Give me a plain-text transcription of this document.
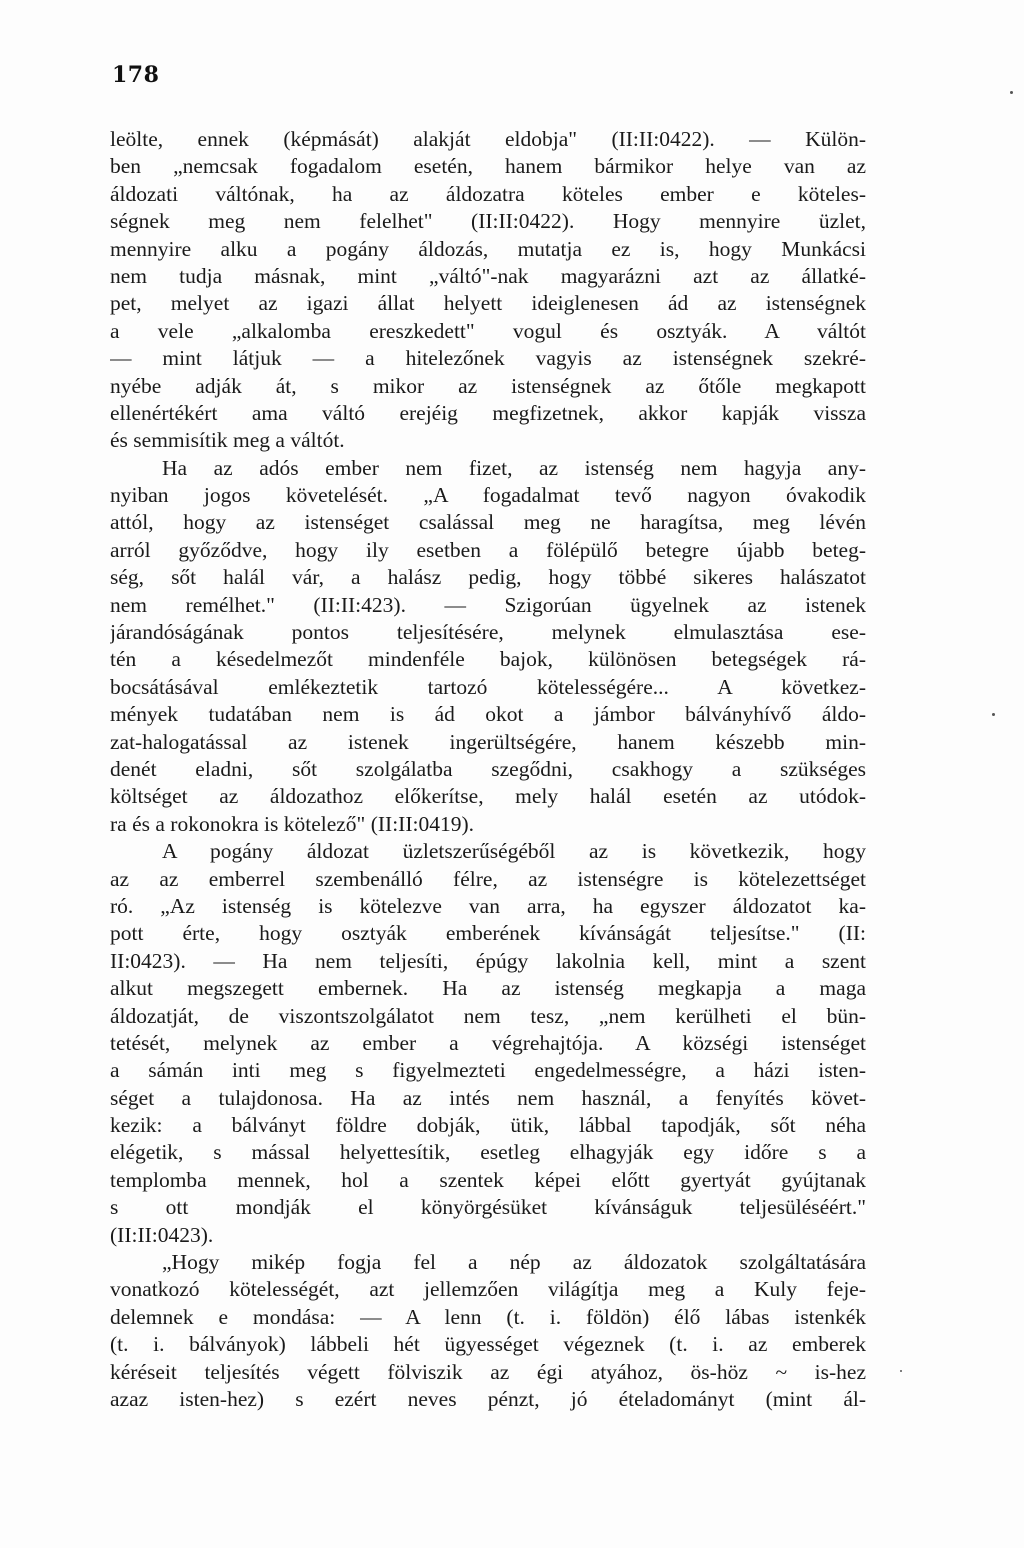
178
leölte, ennek (képmását) alakját eldobja" (II:II:0422). — Külön-
ben „nemcsak fogadalom esetén, hanem bármikor helye van az
áldozati váltónak, ha az áldozatra köteles ember e köteles-
ségnek meg nem felelhet" (II:II:0422). Hogy mennyire üzlet,
mennyire alku a pogány áldozás, mutatja ez is, hogy Munkácsi
nem tudja másnak, mint „váltó"-nak magyarázni azt az állatké-
pet, melyet az igazi állat helyett ideiglenesen ád az istenségnek
a vele „alkalomba ereszkedett" vogul és osztyák. A váltót
— mint látjuk — a hitelezőnek vagyis az istenségnek szekré-
nyébe adják át, s mikor az istenségnek az őtőle megkapott
ellenértékért ama váltó erejéig megfizetnek, akkor kapják vissza
és semmisítik meg a váltót.
Ha az adós ember nem fizet, az istenség nem hagyja any-
nyiban jogos követelését. „A fogadalmat tevő nagyon óvakodik
attól, hogy az istenséget csalással meg ne haragítsa, meg lévén
arról győződve, hogy ily esetben a fölépülő betegre újabb beteg-
ség, sőt halál vár, a halász pedig, hogy többé sikeres halászatot
nem remélhet." (II:II:423). — Szigorúan ügyelnek az istenek
járandóságának pontos teljesítésére, melynek elmulasztása ese-
tén a késedelmezőt mindenféle bajok, különösen betegségek rá-
bocsátásával emlékeztetik tartozó kötelességére... A következ-
mények tudatában nem is ád okot a jámbor bálványhívő áldo-
zat-halogatással az istenek ingerültségére, hanem készebb min-
denét eladni, sőt szolgálatba szegődni, csakhogy a szükséges
költséget az áldozathoz előkerítse, mely halál esetén az utódok-
ra és a rokonokra is kötelező" (II:II:0419).
A pogány áldozat üzletszerűségéből az is következik, hogy
az az emberrel szembenálló félre, az istenségre is kötelezettséget
ró. „Az istenség is kötelezve van arra, ha egyszer áldozatot ka-
pott érte, hogy osztyák emberének kívánságát teljesítse." (II:
II:0423). — Ha nem teljesíti, épúgy lakolnia kell, mint a szent
alkut megszegett embernek. Ha az istenség megkapja a maga
áldozatját, de viszontszolgálatot nem tesz, „nem kerülheti el bün-
tetését, melynek az ember a végrehajtója. A községi istenséget
a sámán inti meg s figyelmezteti engedelmességre, a házi isten-
séget a tulajdonosa. Ha az intés nem használ, a fenyítés követ-
kezik: a bálványt földre dobják, ütik, lábbal tapodják, sőt néha
elégetik, s mással helyettesítik, esetleg elhagyják egy időre s a
templomba mennek, hol a szentek képei előtt gyertyát gyújtanak
s ott mondják el könyörgésüket kívánságuk teljesüléséért."
(II:II:0423).
„Hogy mikép fogja fel a nép az áldozatok szolgáltatására
vonatkozó kötelességét, azt jellemzően világítja meg a Kuly feje-
delemnek e mondása: — A lenn (t. i. földön) élő lábas istenkék
(t. i. bálványok) lábbeli hét ügyességet végeznek (t. i. az emberek
kéréseit teljesítés végett fölviszik az égi atyához, ös-höz ~ is-hez
azaz isten-hez) s ezért neves pénzt, jó ételadományt (mint ál-
